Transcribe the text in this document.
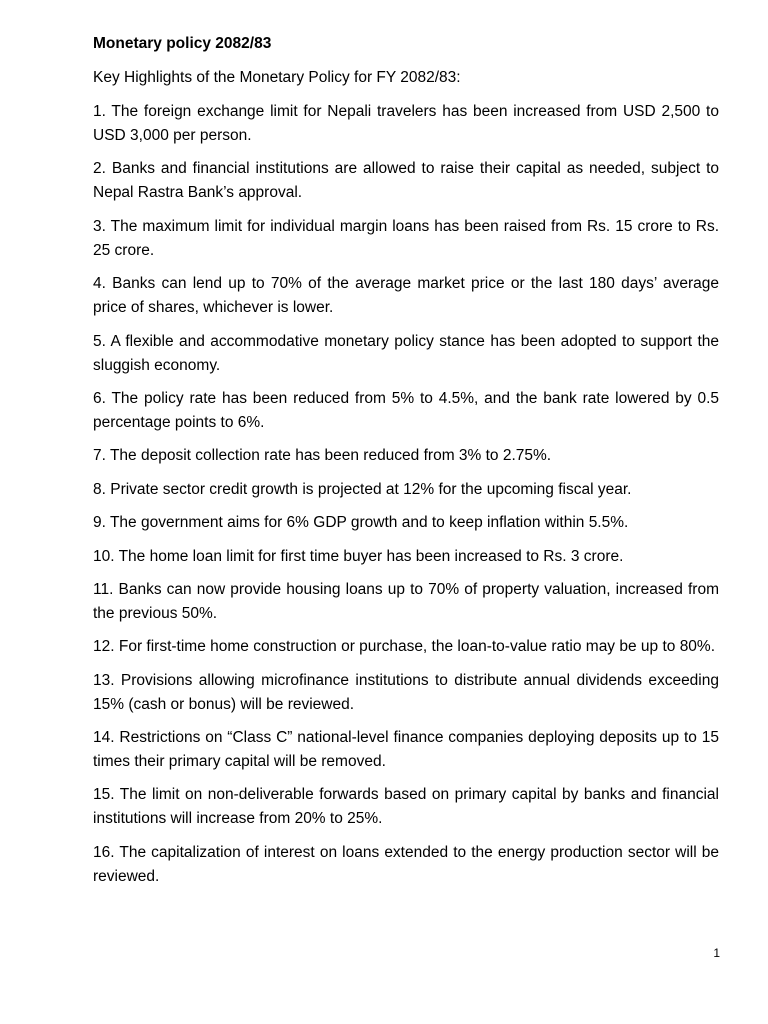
Monetary policy 2082/83
Key Highlights of the Monetary Policy for FY 2082/83:

1. The foreign exchange limit for Nepali travelers has been increased from USD 2,500 to USD 3,000 per person.

2. Banks and financial institutions are allowed to raise their capital as needed, subject to Nepal Rastra Bank’s approval.

3. The maximum limit for individual margin loans has been raised from Rs. 15 crore to Rs. 25 crore.

4. Banks can lend up to 70% of the average market price or the last 180 days’ average price of shares, whichever is lower.

5. A flexible and accommodative monetary policy stance has been adopted to support the sluggish economy.

6. The policy rate has been reduced from 5% to 4.5%, and the bank rate lowered by 0.5 percentage points to 6%.

7. The deposit collection rate has been reduced from 3% to 2.75%.

8. Private sector credit growth is projected at 12% for the upcoming fiscal year.

9. The government aims for 6% GDP growth and to keep inflation within 5.5%.

10. The home loan limit for first time buyer has been increased to Rs. 3 crore.

11. Banks can now provide housing loans up to 70% of property valuation, increased from the previous 50%.

12. For first-time home construction or purchase, the loan-to-value ratio may be up to 80%.

13. Provisions allowing microfinance institutions to distribute annual dividends exceeding 15% (cash or bonus) will be reviewed.

14. Restrictions on “Class C” national-level finance companies deploying deposits up to 15 times their primary capital will be removed.

15. The limit on non-deliverable forwards based on primary capital by banks and financial institutions will increase from 20% to 25%.

16. The capitalization of interest on loans extended to the energy production sector will be reviewed.

1
